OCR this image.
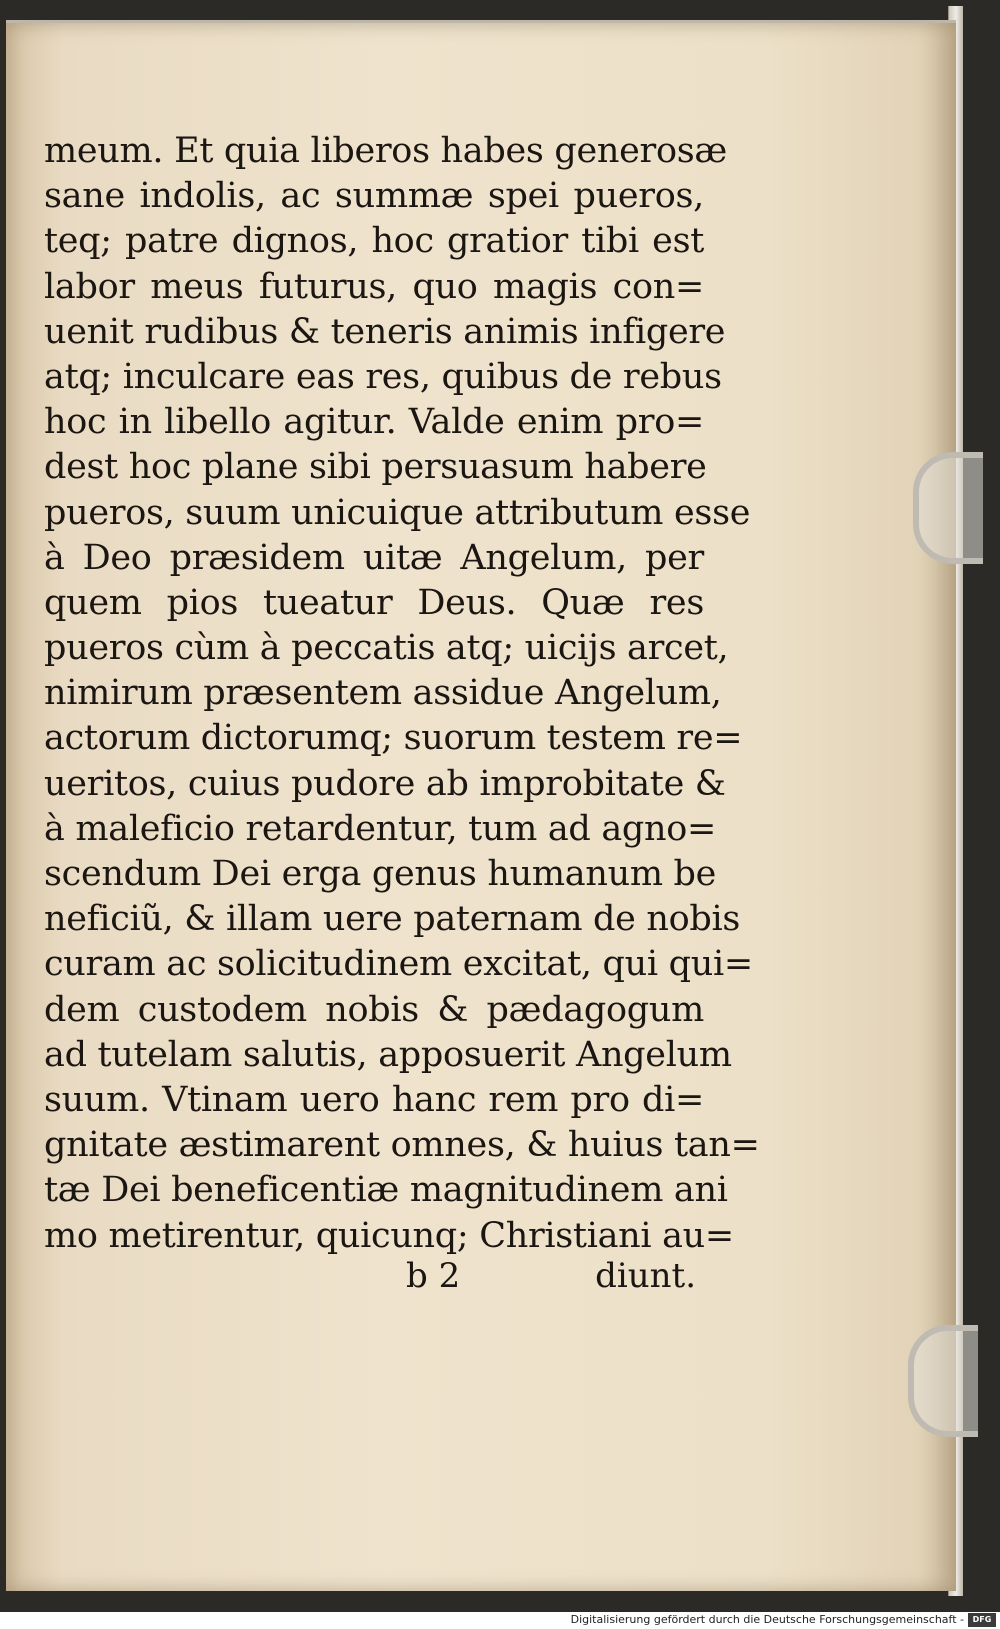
meum. Et quia liberos habes generosæ
sane indolis, ac summæ spei pueros,
teq; patre dignos, hoc gratior tibi est
labor meus futurus, quo magis con=
uenit rudibus & teneris animis infigere
atq; inculcare eas res, quibus de rebus
hoc in libello agitur. Valde enim pro=
dest hoc plane sibi persuasum habere
pueros, suum unicuique attributum esse
à Deo præsidem uitæ Angelum, per
quem pios tueatur Deus. Quæ res
pueros cùm à peccatis atq; uicijs arcet,
nimirum præsentem assidue Angelum,
actorum dictorumq; suorum testem re=
ueritos, cuius pudore ab improbitate &
à maleficio retardentur, tum ad agno=
scendum Dei erga genus humanum be
neficiũ, & illam uere paternam de nobis
curam ac solicitudinem excitat, qui qui=
dem custodem nobis & pædagogum
ad tutelam salutis, apposuerit Angelum
suum. Vtinam uero hanc rem pro di=
gnitate æstimarent omnes, & huius tan=
tæ Dei beneficentiæ magnitudinem ani
mo metirentur, quicunq; Christiani au=
b 2	diunt.
Digitalisierung gefördert durch die Deutsche Forschungsgemeinschaft -	DFG
